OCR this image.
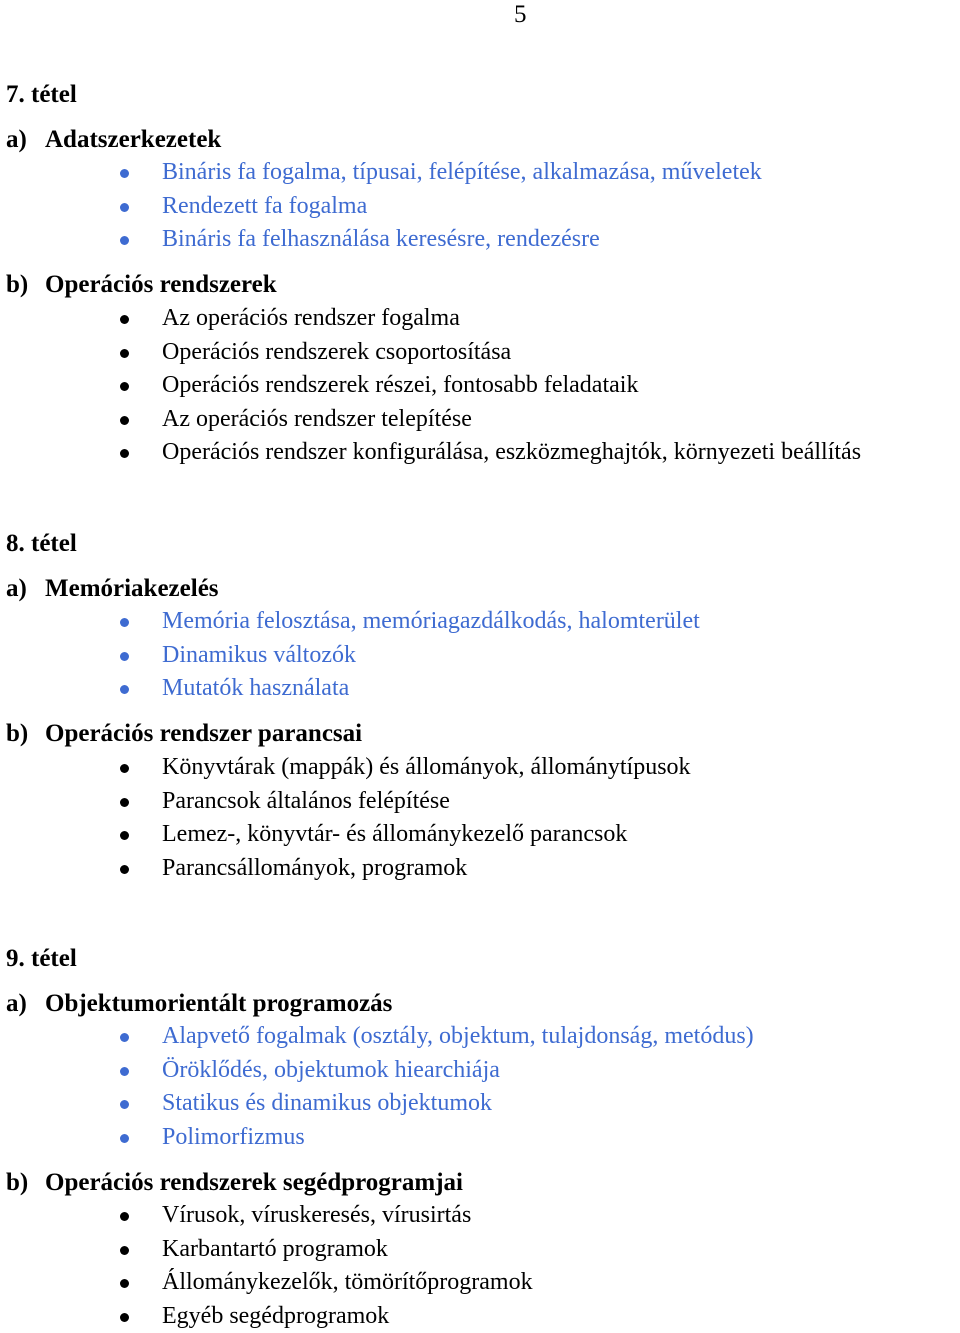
5
7. tétel
a) Adatszerkezetek
Bináris fa fogalma, típusai, felépítése, alkalmazása, műveletek
Rendezett fa fogalma
Bináris fa felhasználása keresésre, rendezésre
b) Operációs rendszerek
Az operációs rendszer fogalma
Operációs rendszerek csoportosítása
Operációs rendszerek részei, fontosabb feladataik
Az operációs rendszer telepítése
Operációs rendszer konfigurálása, eszközmeghajtók, környezeti beállítás
8. tétel
a) Memóriakezelés
Memória felosztása, memóriagazdálkodás, halomterület
Dinamikus változók
Mutatók használata
b) Operációs rendszer parancsai
Könyvtárak (mappák) és állományok, állománytípusok
Parancsok általános felépítése
Lemez-, könyvtár- és állománykezelő parancsok
Parancsállományok, programok
9. tétel
a) Objektumorientált programozás
Alapvető fogalmak (osztály, objektum, tulajdonság, metódus)
Öröklődés, objektumok hiearchiája
Statikus és dinamikus objektumok
Polimorfizmus
b) Operációs rendszerek segédprogramjai
Vírusok, víruskeresés, vírusirtás
Karbantartó programok
Állománykezelők, tömörítőprogramok
Egyéb segédprogramok
